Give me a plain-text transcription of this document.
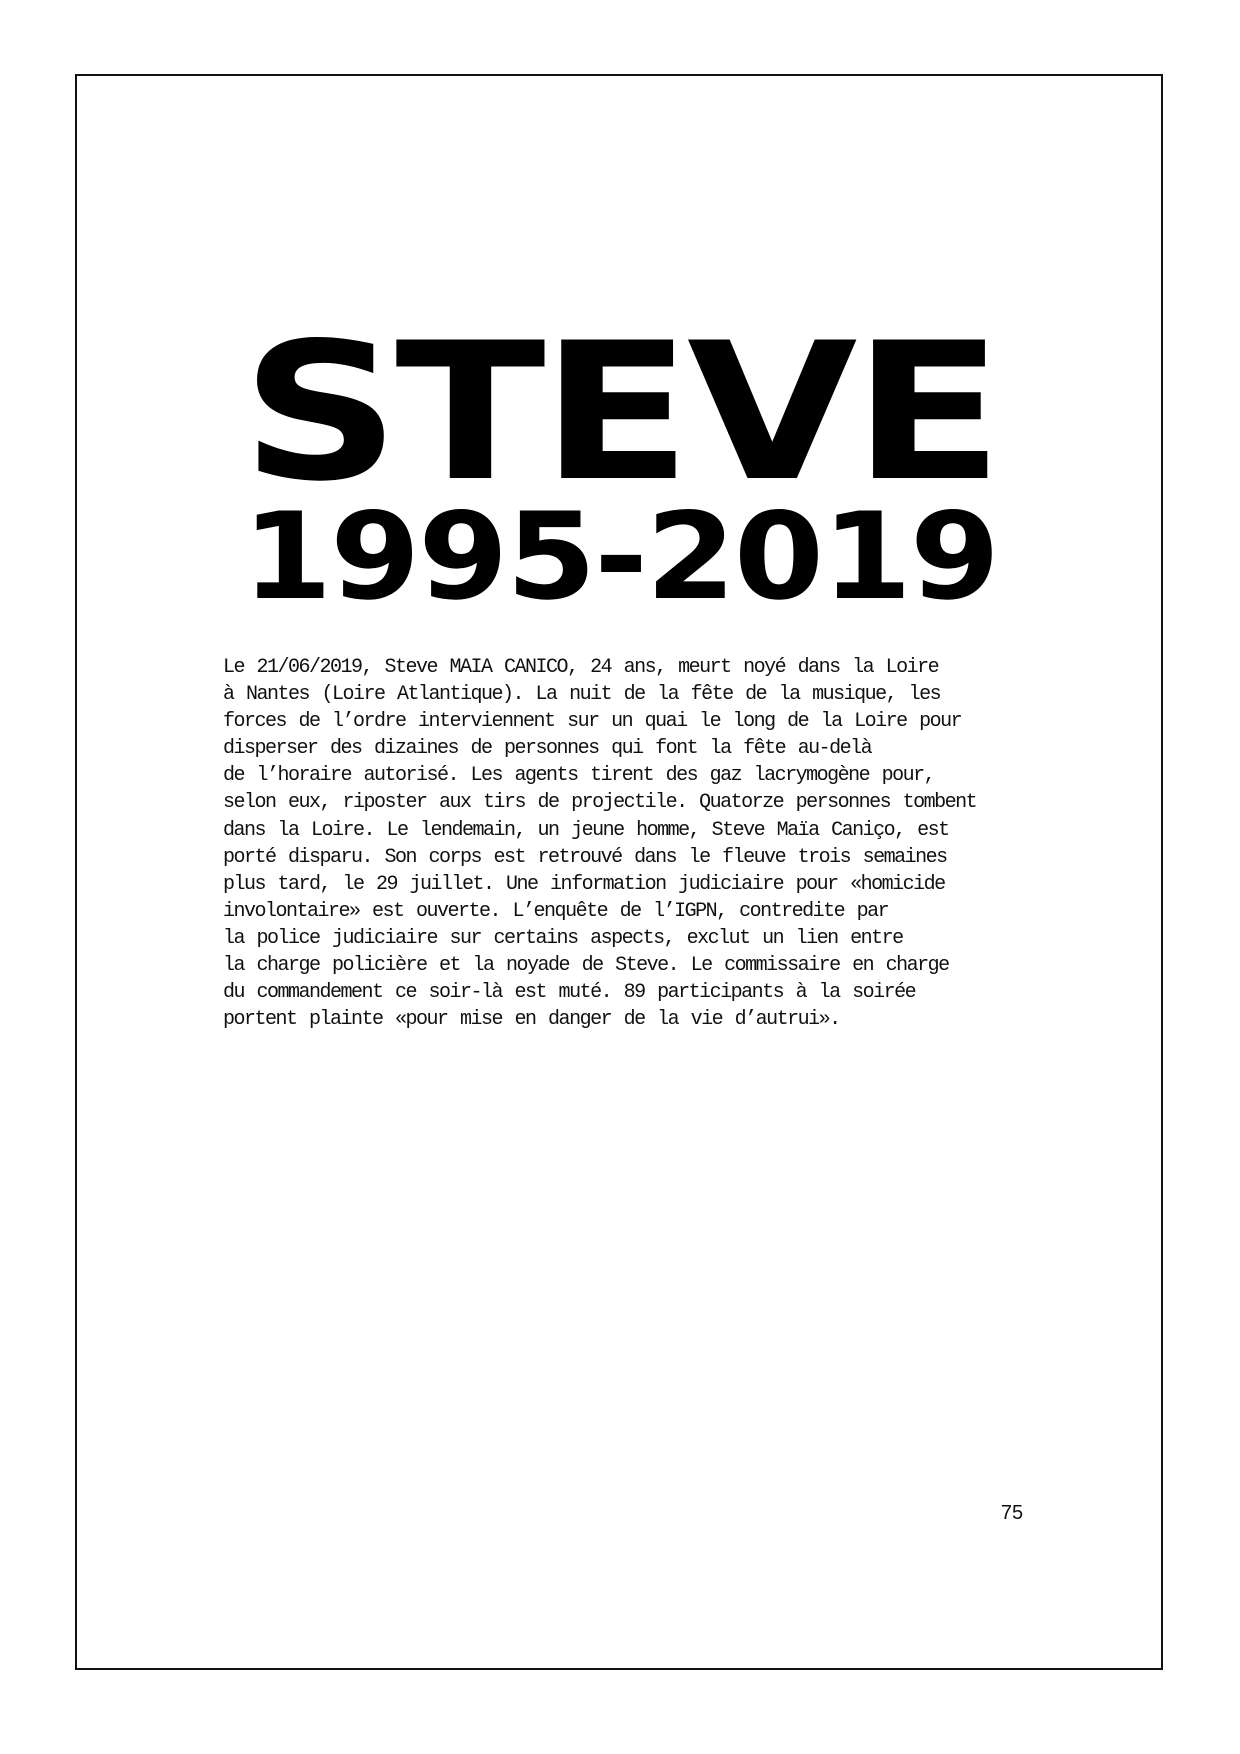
STEVE
1995-2019

Le 21/06/2019, Steve MAIA CANICO, 24 ans, meurt noyé dans la Loire
à Nantes (Loire Atlantique). La nuit de la fête de la musique, les
forces de l’ordre interviennent sur un quai le long de la Loire pour
disperser des dizaines de personnes qui font la fête au-delà
de l’horaire autorisé. Les agents tirent des gaz lacrymogène pour,
selon eux, riposter aux tirs de projectile. Quatorze personnes tombent
dans la Loire. Le lendemain, un jeune homme, Steve Maïa Caniço, est
porté disparu. Son corps est retrouvé dans le fleuve trois semaines
plus tard, le 29 juillet. Une information judiciaire pour «homicide
involontaire» est ouverte. L’enquête de l’IGPN, contredite par
la police judiciaire sur certains aspects, exclut un lien entre
la charge policière et la noyade de Steve. Le commissaire en charge
du commandement ce soir-là est muté. 89 participants à la soirée
portent plainte «pour mise en danger de la vie d’autrui».

75
